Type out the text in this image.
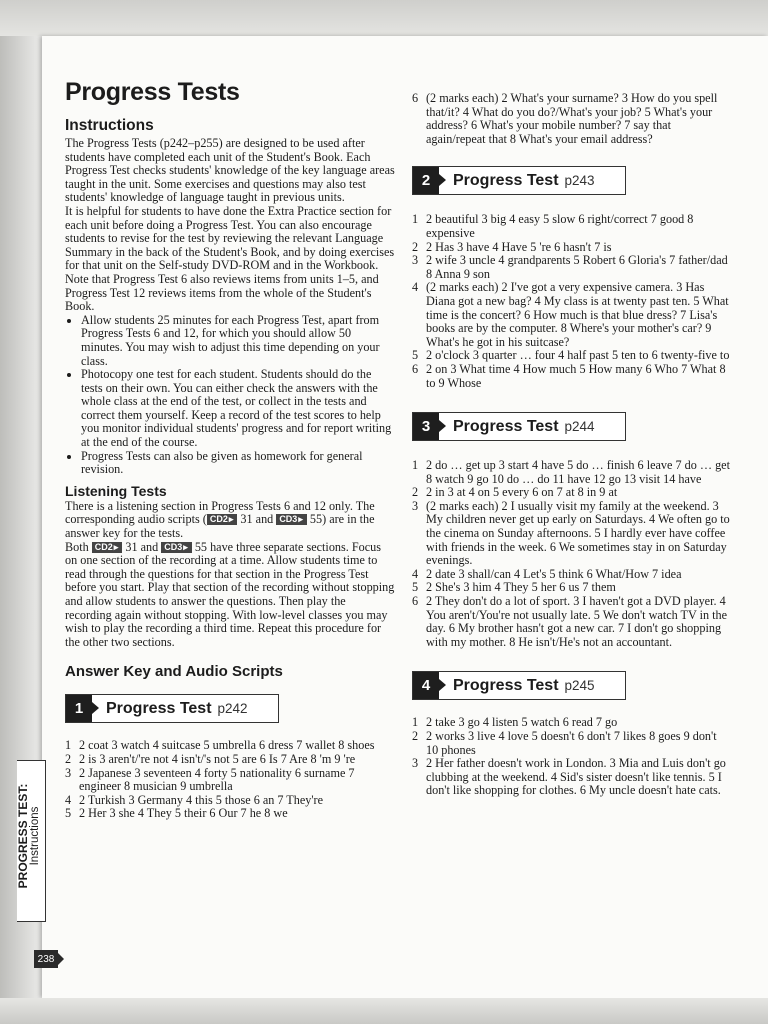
Progress Tests
Instructions

The Progress Tests (p242–p255) are designed to be used after students have completed each unit of the Student's Book. Each Progress Test checks students' knowledge of the key language areas taught in the unit. Some exercises and questions may also test students' knowledge of language taught in previous units.

It is helpful for students to have done the Extra Practice section for each unit before doing a Progress Test. You can also encourage students to revise for the test by reviewing the relevant Language Summary in the back of the Student's Book, and by doing exercises for that unit on the Self-study DVD-ROM and in the Workbook. Note that Progress Test 6 also reviews items from units 1–5, and Progress Test 12 reviews items from the whole of the Student's Book.

• Allow students 25 minutes for each Progress Test, apart from Progress Tests 6 and 12, for which you should allow 50 minutes. You may wish to adjust this time depending on your class.
• Photocopy one test for each student. Students should do the tests on their own. You can either check the answers with the whole class at the end of the test, or collect in the tests and correct them yourself. Keep a record of the test scores to help you monitor individual students' progress and for report writing at the end of the course.
• Progress Tests can also be given as homework for general revision.
Listening Tests

There is a listening section in Progress Tests 6 and 12 only. The corresponding audio scripts ( CD2 ▸ 31 and CD3 ▸ 55) are in the answer key for the tests.

Both CD2 ▸ 31 and CD3 ▸ 55 have three separate sections. Focus on one section of the recording at a time. Allow students time to read through the questions for that section in the Progress Test before you start. Play that section of the recording without stopping and allow students to answer the questions. Then play the recording again without stopping. With low-level classes you may wish to play the recording a third time. Repeat this procedure for the other two sections.

Answer Key and Audio Scripts
1	Progress Test p242
1 2 coat 3 watch 4 suitcase 5 umbrella 6 dress 7 wallet 8 shoes
2 2 is 3 aren't/'re not 4 isn't/'s not 5 are 6 Is 7 Are 8 'm 9 're
3 2 Japanese 3 seventeen 4 forty 5 nationality 6 surname 7 engineer 8 musician 9 umbrella
4 2 Turkish 3 Germany 4 this 5 those 6 an 7 They're
5 2 Her 3 she 4 They 5 their 6 Our 7 he 8 we
6 (2 marks each) 2 What's your surname? 3 How do you spell that/it? 4 What do you do?/What's your job? 5 What's your address? 6 What's your mobile number? 7 say that again/repeat that 8 What's your email address?
2	Progress Test p243
1 2 beautiful 3 big 4 easy 5 slow 6 right/correct 7 good 8 expensive
2 2 Has 3 have 4 Have 5 're 6 hasn't 7 is
3 2 wife 3 uncle 4 grandparents 5 Robert 6 Gloria's 7 father/dad 8 Anna 9 son
4 (2 marks each) 2 I've got a very expensive camera. 3 Has Diana got a new bag? 4 My class is at twenty past ten. 5 What time is the concert? 6 How much is that blue dress? 7 Lisa's books are by the computer. 8 Where's your mother's car? 9 What's he got in his suitcase?
5 2 o'clock 3 quarter … four 4 half past 5 ten to 6 twenty-five to
6 2 on 3 What time 4 How much 5 How many 6 Who 7 What 8 to 9 Whose
3	Progress Test p244
1 2 do … get up 3 start 4 have 5 do … finish 6 leave 7 do … get 8 watch 9 go 10 do … do 11 have 12 go 13 visit 14 have
2 2 in 3 at 4 on 5 every 6 on 7 at 8 in 9 at
3 (2 marks each) 2 I usually visit my family at the weekend. 3 My children never get up early on Saturdays. 4 We often go to the cinema on Sunday afternoons. 5 I hardly ever have coffee with friends in the week. 6 We sometimes stay in on Saturday evenings.
4 2 date 3 shall/can 4 Let's 5 think 6 What/How 7 idea
5 2 She's 3 him 4 They 5 her 6 us 7 them
6 2 They don't do a lot of sport. 3 I haven't got a DVD player. 4 You aren't/You're not usually late. 5 We don't watch TV in the day. 6 My brother hasn't got a new car. 7 I don't go shopping with my mother. 8 He isn't/He's not an accountant.
4	Progress Test p245
1 2 take 3 go 4 listen 5 watch 6 read 7 go
2 2 works 3 live 4 love 5 doesn't 6 don't 7 likes 8 goes 9 don't 10 phones
3 2 Her father doesn't work in London. 3 Mia and Luis don't go clubbing at the weekend. 4 Sid's sister doesn't like tennis. 5 I don't like shopping for clothes. 6 My uncle doesn't hate cats.
PROGRESS TEST: Instructions
238
